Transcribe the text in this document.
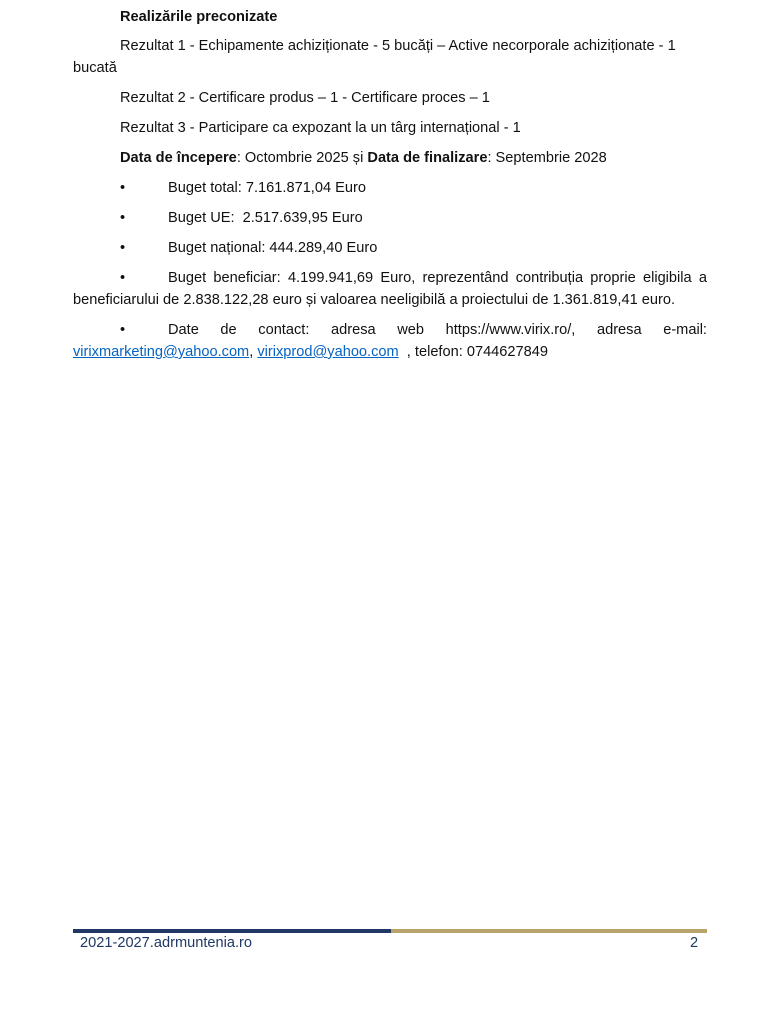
Realizările preconizate
Rezultat 1 - Echipamente achiziționate - 5 bucăți – Active necorporale achiziționate - 1 bucată
Rezultat 2 - Certificare produs – 1 - Certificare proces – 1
Rezultat 3 - Participare ca expozant la un târg internațional - 1
Data de începere: Octombrie 2025 și Data de finalizare: Septembrie 2028
•	Buget total: 7.161.871,04 Euro
•	Buget UE:  2.517.639,95 Euro
•	Buget național: 444.289,40 Euro
•	Buget beneficiar: 4.199.941,69 Euro, reprezentând contribuția proprie eligibila a beneficiarului de 2.838.122,28 euro și valoarea neeligibilă a proiectului de 1.361.819,41 euro.
•	Date de contact: adresa web https://www.virix.ro/, adresa e-mail: virixmarketing@yahoo.com, virixprod@yahoo.com  , telefon: 0744627849
2021-2027.adrmuntenia.ro	2
